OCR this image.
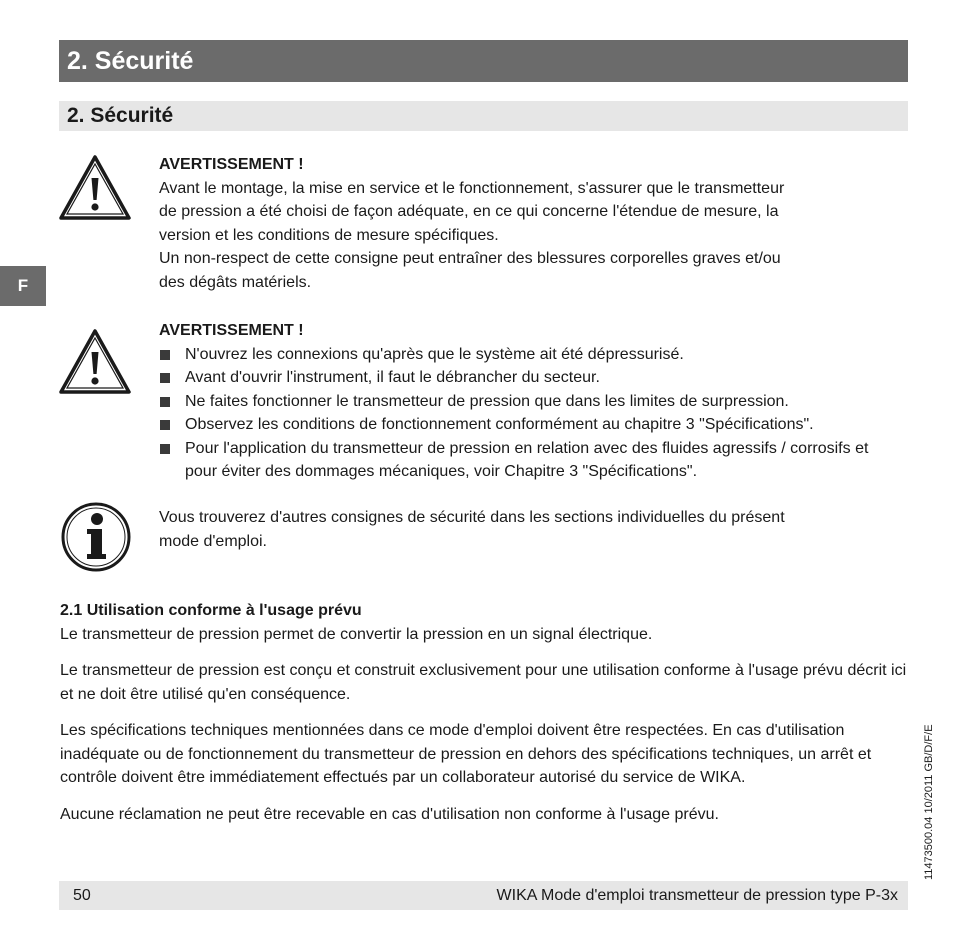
2. Sécurité
2. Sécurité
F
AVERTISSEMENT !
Avant le montage, la mise en service et le fonctionnement, s'assurer que le transmetteur
de pression a été choisi de façon adéquate, en ce qui concerne l'étendue de mesure, la
version et les conditions de mesure spécifiques.
Un non-respect de cette consigne peut entraîner des blessures corporelles graves et/ou
des dégâts matériels.
AVERTISSEMENT !
N'ouvrez les connexions qu'après que le système ait été dépressurisé.
Avant d'ouvrir l'instrument, il faut le débrancher du secteur.
Ne faites fonctionner le transmetteur de pression que dans les limites de surpression.
Observez les conditions de fonctionnement conformément au chapitre 3 "Spécifications".
Pour l'application du transmetteur de pression en relation avec des fluides agressifs / corrosifs et pour éviter des dommages mécaniques, voir Chapitre 3 "Spécifications".
Vous trouverez d'autres consignes de sécurité dans les sections individuelles du présent
mode d'emploi.
2.1 Utilisation conforme à l'usage prévu

Le transmetteur de pression permet de convertir la pression en un signal électrique.

Le transmetteur de pression est conçu et construit exclusivement pour une utilisation conforme à l'usage prévu décrit ici et ne doit être utilisé qu'en conséquence.

Les spécifications techniques mentionnées dans ce mode d'emploi doivent être respectées. En cas d'utilisation inadéquate ou de fonctionnement du transmetteur de pression en dehors des spécifications techniques, un arrêt et contrôle doivent être immédiatement effectués par un collaborateur autorisé du service de WIKA.

Aucune réclamation ne peut être recevable en cas d'utilisation non conforme à l'usage prévu.

50	WIKA Mode d'emploi transmetteur de pression type P-3x
11473500.04 10/2011 GB/D/F/E
